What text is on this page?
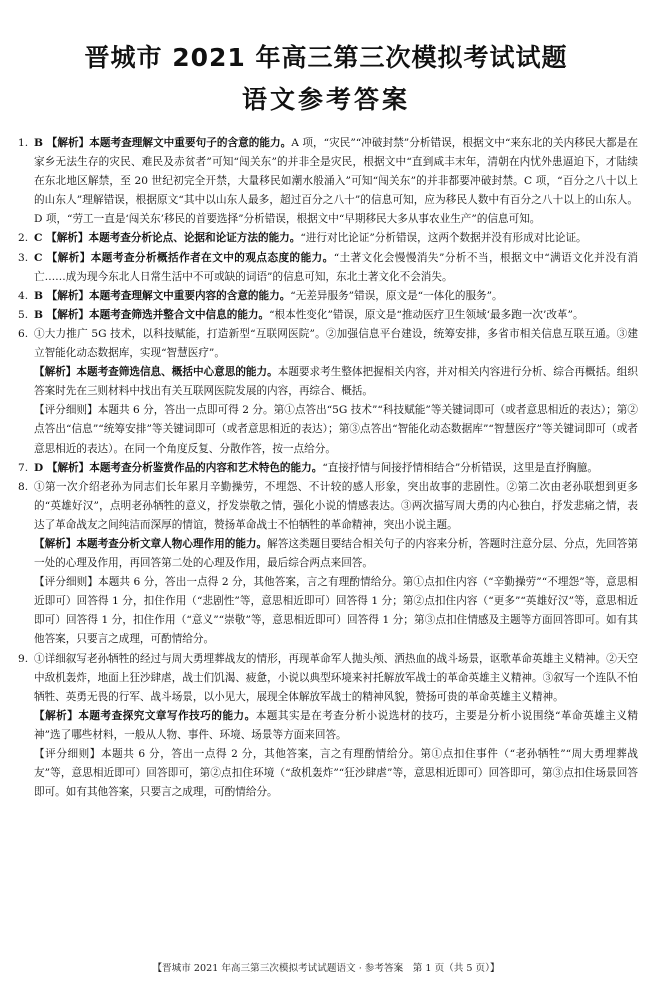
晋城市 2021 年高三第三次模拟考试试题
语文参考答案
1. B 【解析】本题考查理解文中重要句子的含意的能力。A 项，“灾民”“冲破封禁”分析错误，根据文中“来东北的关内移民大都是在家乡无法生存的灾民、难民及赤贫者”可知“闯关东”的并非全是灾民，根据文中“直到咸丰末年，清朝在内忧外患逼迫下，才陆续在东北地区解禁，至 20 世纪初完全开禁，大量移民如潮水般涌入”可知“闯关东”的并非都要冲破封禁。C 项，“百分之八十以上的山东人”理解错误，根据原文“其中以山东人最多，超过百分之八十”的信息可知，应为移民人数中有百分之八十以上的山东人。D 项，“劳工一直是‘闯关东’移民的首要选择”分析错误，根据文中“早期移民大多从事农业生产”的信息可知。
2. C 【解析】本题考查分析论点、论据和论证方法的能力。“进行对比论证”分析错误，这两个数据并没有形成对比论证。
3. C 【解析】本题考查分析概括作者在文中的观点态度的能力。“土著文化会慢慢消失”分析不当，根据文中“满语文化并没有消亡……成为现今东北人日常生活中不可或缺的词语”的信息可知，东北土著文化不会消失。
4. B 【解析】本题考查理解文中重要内容的含意的能力。“无差异服务”错误，原文是“一体化的服务”。
5. B 【解析】本题考查筛选并整合文中信息的能力。“根本性变化”错误，原文是“推动医疗卫生领域‘最多跑一次’改革”。
6. ①大力推广 5G 技术，以科技赋能，打造新型“互联网医院”。②加强信息平台建设，统筹安排，多省市相关信息互联互通。③建立智能化动态数据库，实现“智慧医疗”。
【解析】本题考查筛选信息、概括中心意思的能力。本题要求考生整体把握相关内容，并对相关内容进行分析、综合再概括。组织答案时先在三则材料中找出有关互联网医院发展的内容，再综合、概括。
【评分细则】本题共 6 分，答出一点即可得 2 分。第①点答出“5G 技术”“科技赋能”等关键词即可（或者意思相近的表达）；第②点答出“信息”“统筹安排”等关键词即可（或者意思相近的表达）；第③点答出“智能化动态数据库”“智慧医疗”等关键词即可（或者意思相近的表达）。在同一个角度反复、分散作答，按一点给分。
7. D 【解析】本题考查分析鉴赏作品的内容和艺术特色的能力。“直接抒情与间接抒情相结合”分析错误，这里是直抒胸臆。
8. ①第一次介绍老孙为同志们长年累月辛勤操劳，不埋怨、不计较的感人形象，突出故事的悲剧性。②第二次由老孙联想到更多的“英雄好汉”，点明老孙牺牲的意义，抒发崇敬之情，强化小说的情感表达。③两次描写周大勇的内心独白，抒发悲痛之情，表达了革命战友之间纯洁而深厚的情谊，赞扬革命战士不怕牺牲的革命精神，突出小说主题。
【解析】本题考查分析文章人物心理作用的能力。解答这类题目要结合相关句子的内容来分析，答题时注意分层、分点，先回答第一处的心理及作用，再回答第二处的心理及作用，最后综合两点来回答。
【评分细则】本题共 6 分，答出一点得 2 分，其他答案，言之有理酌情给分。第①点扣住内容（“辛勤操劳”“不埋怨”等，意思相近即可）回答得 1 分，扣住作用（“悲剧性”等，意思相近即可）回答得 1 分；第②点扣住内容（“更多”“英雄好汉”等，意思相近即可）回答得 1 分，扣住作用（“意义”“崇敬”等，意思相近即可）回答得 1 分；第③点扣住情感及主题等方面回答即可。如有其他答案，只要言之成理，可酌情给分。
9. ①详细叙写老孙牺牲的经过与周大勇埋葬战友的情形，再现革命军人抛头颅、洒热血的战斗场景，讴歌革命英雄主义精神。②天空中敌机轰炸，地面上狂沙肆虐，战士们饥渴、疲惫，小说以典型环境来衬托解放军战士的革命英雄主义精神。③叙写一个连队不怕牺牲、英勇无畏的行军、战斗场景，以小见大，展现全体解放军战士的精神风貌，赞扬可贵的革命英雄主义精神。
【解析】本题考查探究文章写作技巧的能力。本题其实是在考查分析小说选材的技巧，主要是分析小说围绕“革命英雄主义精神”选了哪些材料，一般从人物、事件、环境、场景等方面来回答。
【评分细则】本题共 6 分，答出一点得 2 分，其他答案，言之有理酌情给分。第①点扣住事件（“老孙牺牲”“周大勇埋葬战友”等，意思相近即可）回答即可，第②点扣住环境（“敌机轰炸”“狂沙肆虐”等，意思相近即可）回答即可，第③点扣住场景回答即可。如有其他答案，只要言之成理，可酌情给分。
【晋城市 2021 年高三第三次模拟考试试题语文 · 参考答案　第 1 页（共 5 页）】
